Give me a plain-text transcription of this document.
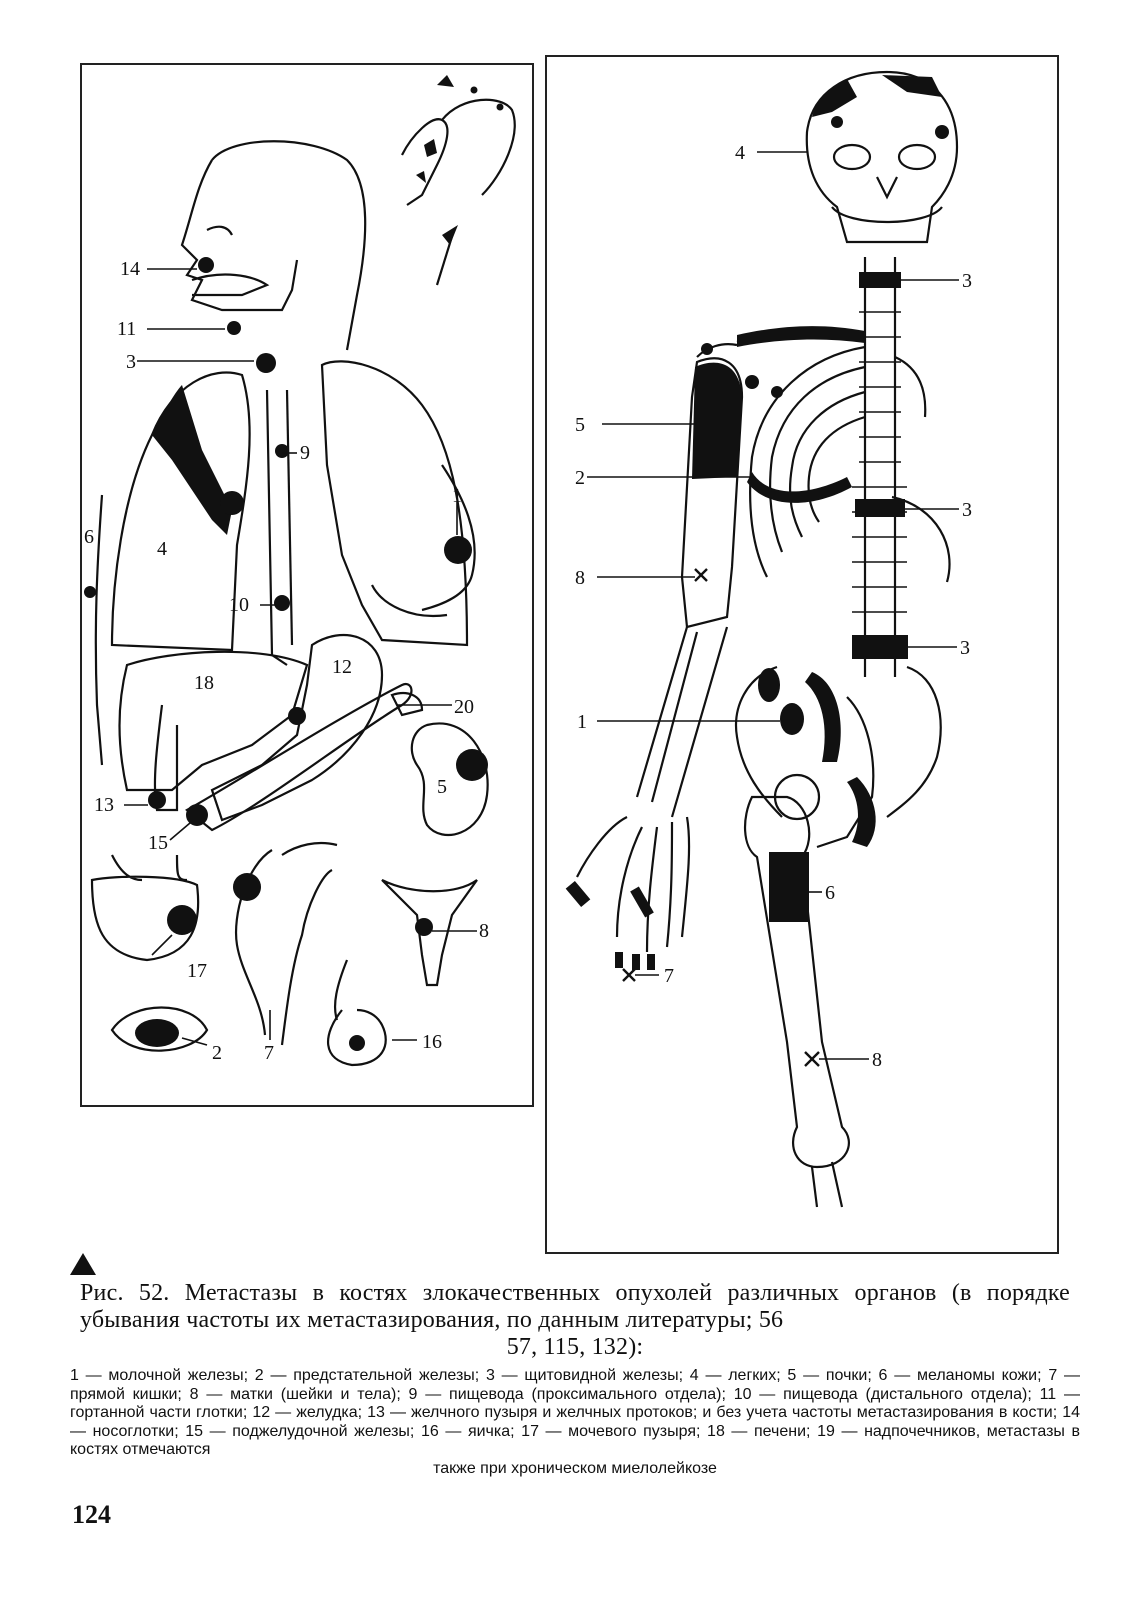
14
11
3
9
1
6
4
10
12
18
20
5
13
15
17
8
2 7	16
4
3
5
2
3
8
3
1
6
7
8
Рис. 52. Метастазы в костях злокачественных опухолей различных органов (в порядке убывания частоты их метастазирования, по данным литературы; 56
57, 115, 132):
1 — молочной железы; 2 — предстательной железы; 3 — щитовидной железы; 4 — легких; 5 — почки; 6 — меланомы кожи; 7 — прямой кишки; 8 — матки (шейки и тела); 9 — пищевода (проксимального отдела); 10 — пищевода (дистального отдела); 11 — гортанной части глотки; 12 — желудка; 13 — желчного пузыря и желчных протоков; и без учета частоты метастазирования в кости; 14 — носоглотки; 15 — поджелудочной железы; 16 — яичка; 17 — мочевого пузыря; 18 — печени; 19 — надпочечников, метастазы в костях отмечаются
также при хроническом миелолейкозе
124
